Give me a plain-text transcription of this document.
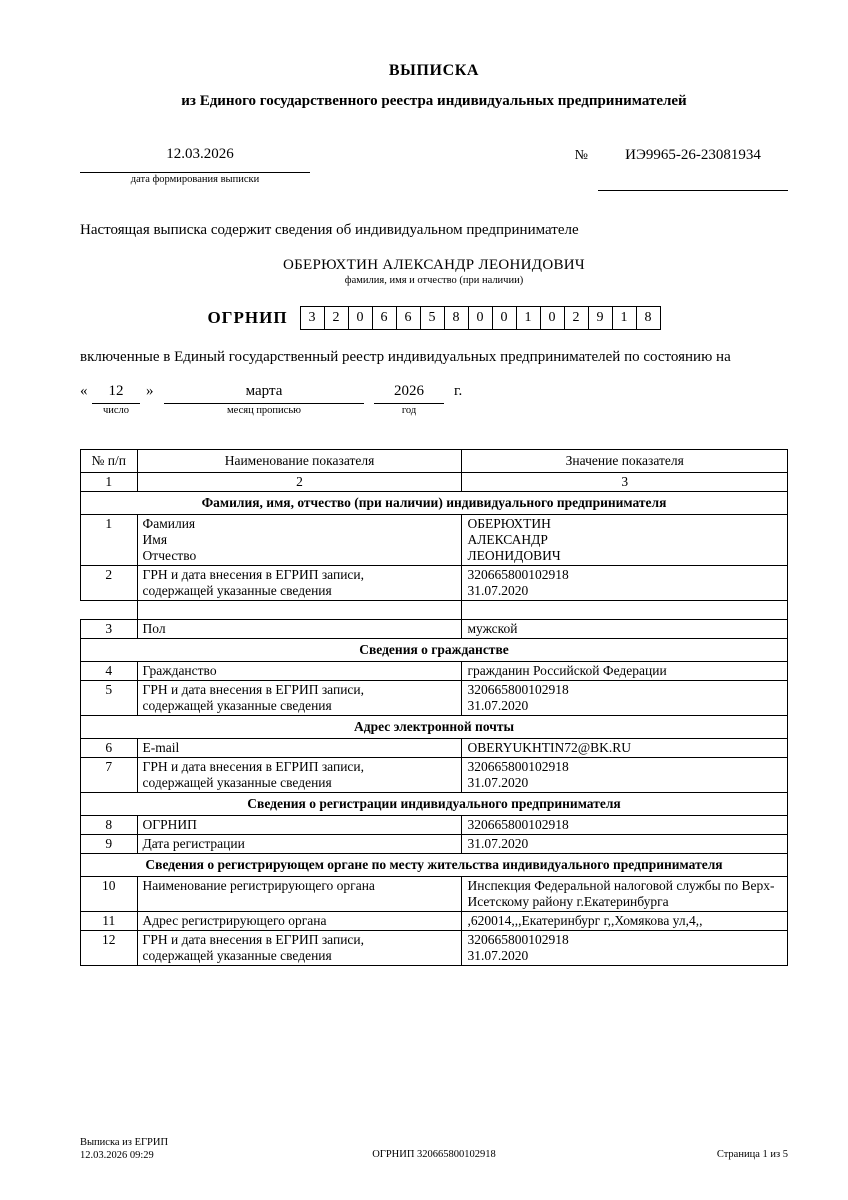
ВЫПИСКА
из Единого государственного реестра индивидуальных предпринимателей
12.03.2026
дата формирования выписки
№	ИЭ9965-26-23081934
Настоящая выписка содержит сведения об индивидуальном предпринимателе
ОБЕРЮХТИН АЛЕКСАНДР ЛЕОНИДОВИЧ
фамилия, имя и отчество (при наличии)
ОГРНИП	3	2	0	6	6	5	8	0	0	1	0	2	9	1	8
включенные в Единый государственный реестр индивидуальных предпринимателей по состоянию на
«	12
число
»	марта
месяц прописью
2026
год
г.
№ п/п	Наименование показателя	Значение показателя
1	2	3
Фамилия, имя, отчество (при наличии) индивидуального предпринимателя		
1	Фамилия
Имя
Отчество	ОБЕРЮХТИН
АЛЕКСАНДР
ЛЕОНИДОВИЧ
2	ГРН и дата внесения в ЕГРИП записи,
содержащей указанные сведения	320665800102918
31.07.2020

3	Пол	мужской
Сведения о гражданстве		
4	Гражданство	гражданин Российской Федерации
5	ГРН и дата внесения в ЕГРИП записи,
содержащей указанные сведения	320665800102918
31.07.2020
Адрес электронной почты		
6	E-mail	OBERYUKHTIN72@BK.RU
7	ГРН и дата внесения в ЕГРИП записи,
содержащей указанные сведения	320665800102918
31.07.2020
Сведения о регистрации индивидуального предпринимателя		
8	ОГРНИП	320665800102918
9	Дата регистрации	31.07.2020
Сведения о регистрирующем органе по месту жительства индивидуального предпринимателя		
10	Наименование регистрирующего органа	Инспекция Федеральной налоговой службы по Верх-Исетскому району г.Екатеринбурга
11	Адрес регистрирующего органа	,620014,,,Екатеринбург г,,Хомякова ул,4,,
12	ГРН и дата внесения в ЕГРИП записи,
содержащей указанные сведения	320665800102918
31.07.2020
Выписка из ЕГРИП
12.03.2026 09:29	ОГРНИП 320665800102918	Страница 1 из 5
